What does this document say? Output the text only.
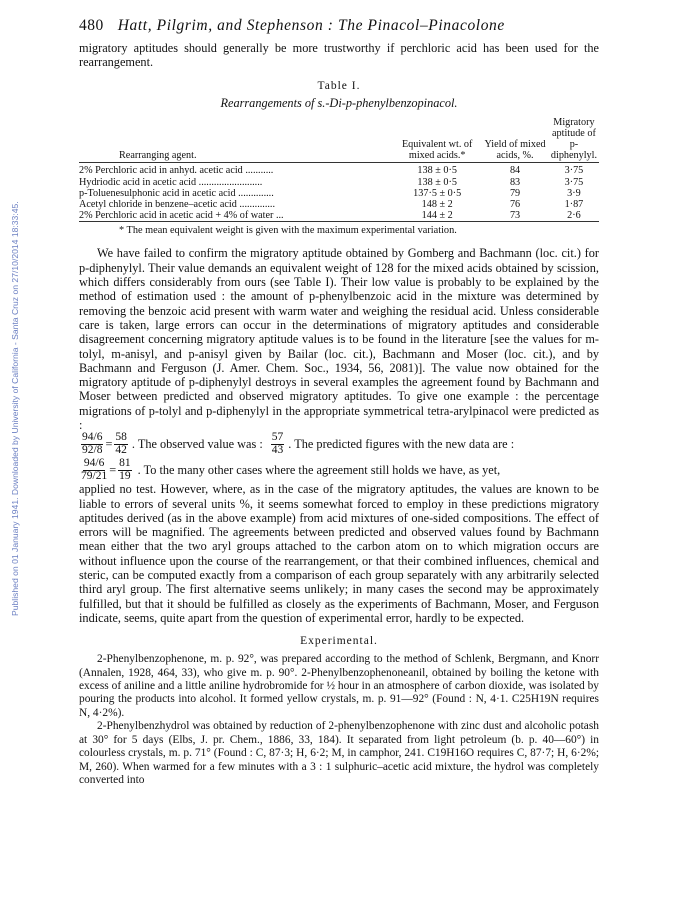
Published on 01 January 1941. Downloaded by University of California - Santa Cruz on 27/10/2014 18:33:45.
480 Hatt, Pilgrim, and Stephenson : The Pinacol–Pinacolone

migratory aptitudes should generally be more trustworthy if perchloric acid has been used for the rearrangement.

Table I.
Rearrangements of s.-Di-p-phenylbenzopinacol.
Rearranging agent.	Equivalent wt. of mixed acids.*	Yield of mixed acids, %.	Migratory aptitude of p-diphenylyl.
2% Perchloric acid in anhyd. acetic acid ...........	138 ± 0·5	84	3·75
Hydriodic acid in acetic acid .........................	138 ± 0·5	83	3·75
p-Toluenesulphonic acid in acetic acid ..............	137·5 ± 0·5	79	3·9
Acetyl chloride in benzene–acetic acid ..............	148 ± 2	76	1·87
2% Perchloric acid in acetic acid + 4% of water ...	144 ± 2	73	2·6
* The mean equivalent weight is given with the maximum experimental variation.

We have failed to confirm the migratory aptitude obtained by Gomberg and Bachmann (loc. cit.) for p-diphenylyl. Their value demands an equivalent weight of 128 for the mixed acids obtained by scission, which differs considerably from ours (see Table I). Their low value is probably to be explained by the method of estimation used : the amount of p-phenylbenzoic acid in the mixture was determined by removing the benzoic acid present with warm water and weighing the residual acid. Unless considerable care is taken, large errors can occur in the determinations of migratory aptitudes and considerable disagreement concerning migratory aptitude values is to be found in the literature [see the values for m-tolyl, m-anisyl, and p-anisyl given by Bailar (loc. cit.), Bachmann and Moser (loc. cit.), and by Bachmann and Ferguson (J. Amer. Chem. Soc., 1934, 56, 2081)]. The value now obtained for the migratory aptitude of p-diphenylyl destroys in several examples the agreement found by Bachmann and Moser between predicted and observed migratory aptitudes. To give one example : the percentage migrations of p-tolyl and p-diphenylyl in the appropriate symmetrical tetra-arylpinacol were predicted as :

$\frac{94/6}{92/8} = \frac{58}{42}$ . The observed value was : $\frac{57}{43}$ . The predicted figures with the new data are :
$\frac{94/6}{79/21} = \frac{81}{19}$ . To the many other cases where the agreement still holds we have, as yet,

applied no test. However, where, as in the case of the migratory aptitudes, the values are known to be liable to errors of several units %, it seems somewhat forced to employ in these predictions migratory aptitudes derived (as in the above example) from acid mixtures of one-sided compositions. The effect of errors will be magnified. The agreements between predicted and observed values found by Bachmann mean either that the two aryl groups attached to the carbon atom on to which migration occurs are without influence upon the course of the rearrangement, or that their combined influences, chemical and steric, can be computed exactly from a comparison of each group separately with any arbitrarily selected third aryl group. The first alternative seems unlikely; in many cases the second may be approximately fulfilled, but that it should be fulfilled as closely as the experiments of Bachmann, Moser, and Ferguson indicate, seems, quite apart from the question of experimental error, hardly to be expected.

Experimental.

2-Phenylbenzophenone, m. p. 92°, was prepared according to the method of Schlenk, Bergmann, and Knorr (Annalen, 1928, 464, 33), who give m. p. 90°. 2-Phenylbenzophenoneanil, obtained by boiling the ketone with excess of aniline and a little aniline hydrobromide for ½ hour in an atmosphere of carbon dioxide, was isolated by pouring the products into alcohol. It formed yellow crystals, m. p. 91—92° (Found : N, 4·1. C25H19N requires N, 4·2%).

2-Phenylbenzhydrol was obtained by reduction of 2-phenylbenzophenone with zinc dust and alcoholic potash at 30° for 5 days (Elbs, J. pr. Chem., 1886, 33, 184). It separated from light petroleum (b. p. 40—60°) in colourless crystals, m. p. 71° (Found : C, 87·3; H, 6·2; M, in camphor, 241. C19H16O requires C, 87·7; H, 6·2%; M, 260). When warmed for a few minutes with a 3 : 1 sulphuric–acetic acid mixture, the hydrol was completely converted into
